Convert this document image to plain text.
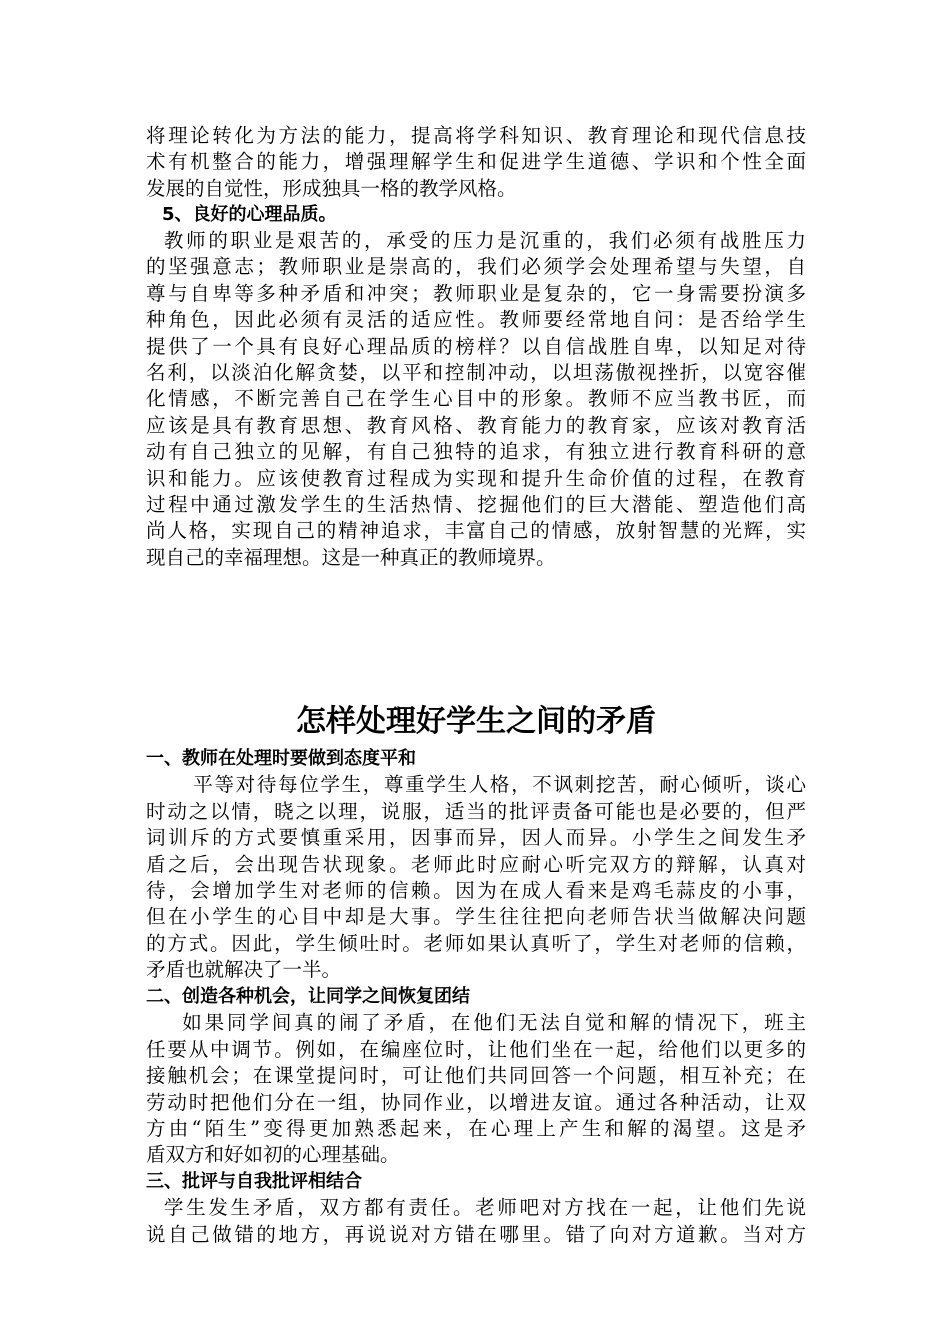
将理论转化为方法的能力，提高将学科知识、教育理论和现代信息技
术有机整合的能力，增强理解学生和促进学生道德、学识和个性全面
发展的自觉性，形成独具一格的教学风格。
5、良好的心理品质。
教师的职业是艰苦的，承受的压力是沉重的，我们必须有战胜压力
的坚强意志；教师职业是崇高的，我们必须学会处理希望与失望，自
尊与自卑等多种矛盾和冲突；教师职业是复杂的，它一身需要扮演多
种角色，因此必须有灵活的适应性。教师要经常地自问：是否给学生
提供了一个具有良好心理品质的榜样？以自信战胜自卑，以知足对待
名利，以淡泊化解贪婪，以平和控制冲动，以坦荡傲视挫折，以宽容催
化情感，不断完善自己在学生心目中的形象。教师不应当教书匠，而
应该是具有教育思想、教育风格、教育能力的教育家，应该对教育活
动有自己独立的见解，有自己独特的追求，有独立进行教育科研的意
识和能力。应该使教育过程成为实现和提升生命价值的过程，在教育
过程中通过激发学生的生活热情、挖掘他们的巨大潜能、塑造他们高
尚人格，实现自己的精神追求，丰富自己的情感，放射智慧的光辉，实
现自己的幸福理想。这是一种真正的教师境界。
怎样处理好学生之间的矛盾
一、教师在处理时要做到态度平和
平等对待每位学生，尊重学生人格，不讽刺挖苦，耐心倾听，谈心
时动之以情，晓之以理，说服，适当的批评责备可能也是必要的，但严
词训斥的方式要慎重采用，因事而异，因人而异。小学生之间发生矛
盾之后，会出现告状现象。老师此时应耐心听完双方的辩解，认真对
待，会增加学生对老师的信赖。因为在成人看来是鸡毛蒜皮的小事，
但在小学生的心目中却是大事。学生往往把向老师告状当做解决问题
的方式。因此，学生倾吐时。老师如果认真听了，学生对老师的信赖，
矛盾也就解决了一半。
二、创造各种机会，让同学之间恢复团结
如果同学间真的闹了矛盾，在他们无法自觉和解的情况下，班主
任要从中调节。例如，在编座位时，让他们坐在一起，给他们以更多的
接触机会；在课堂提问时，可让他们共同回答一个问题，相互补充；在
劳动时把他们分在一组，协同作业，以增进友谊。通过各种活动，让双
方由“陌生”变得更加熟悉起来，在心理上产生和解的渴望。这是矛
盾双方和好如初的心理基础。
三、批评与自我批评相结合
学生发生矛盾，双方都有责任。老师吧对方找在一起，让他们先说
说自己做错的地方，再说说对方错在哪里。错了向对方道歉。当对方
